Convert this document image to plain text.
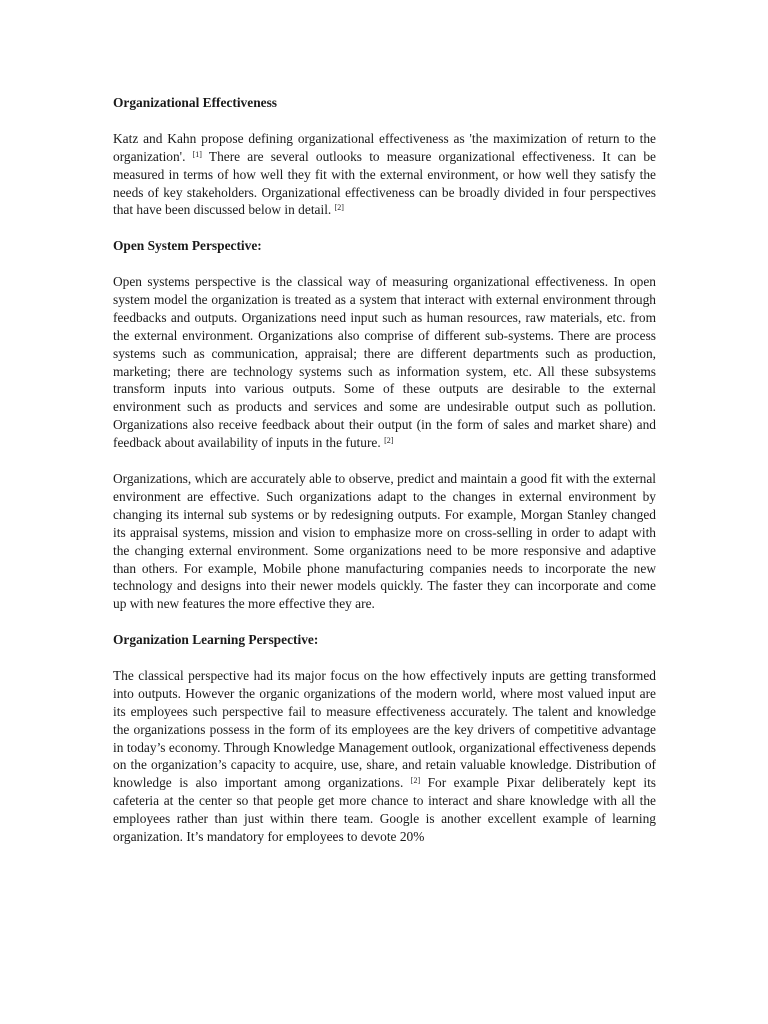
Organizational Effectiveness
Katz and Kahn propose defining organizational effectiveness as 'the maximization of return to the organization'. [1] There are several outlooks to measure organizational effectiveness. It can be measured in terms of how well they fit with the external environment, or how well they satisfy the needs of key stakeholders. Organizational effectiveness can be broadly divided in four perspectives that have been discussed below in detail. [2]
Open System Perspective:
Open systems perspective is the classical way of measuring organizational effectiveness. In open system model the organization is treated as a system that interact with external environment through feedbacks and outputs. Organizations need input such as human resources, raw materials, etc. from the external environment. Organizations also comprise of different sub-systems. There are process systems such as communication, appraisal; there are different departments such as production, marketing; there are technology systems such as information system, etc. All these subsystems transform inputs into various outputs. Some of these outputs are desirable to the external environment such as products and services and some are undesirable output such as pollution. Organizations also receive feedback about their output (in the form of sales and market share) and feedback about availability of inputs in the future. [2]
Organizations, which are accurately able to observe, predict and maintain a good fit with the external environment are effective. Such organizations adapt to the changes in external environment by changing its internal sub systems or by redesigning outputs. For example, Morgan Stanley changed its appraisal systems, mission and vision to emphasize more on cross-selling in order to adapt with the changing external environment. Some organizations need to be more responsive and adaptive than others. For example, Mobile phone manufacturing companies needs to incorporate the new technology and designs into their newer models quickly. The faster they can incorporate and come up with new features the more effective they are.
Organization Learning Perspective:
The classical perspective had its major focus on the how effectively inputs are getting transformed into outputs. However the organic organizations of the modern world, where most valued input are its employees such perspective fail to measure effectiveness accurately. The talent and knowledge the organizations possess in the form of its employees are the key drivers of competitive advantage in today’s economy. Through Knowledge Management outlook, organizational effectiveness depends on the organization’s capacity to acquire, use, share, and retain valuable knowledge. Distribution of knowledge is also important among organizations. [2] For example Pixar deliberately kept its cafeteria at the center so that people get more chance to interact and share knowledge with all the employees rather than just within there team. Google is another excellent example of learning organization. It’s mandatory for employees to devote 20%
